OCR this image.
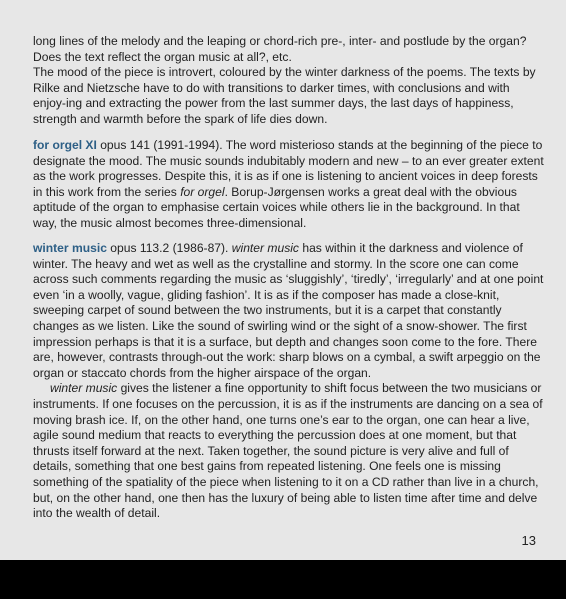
long lines of the melody and the leaping or chord-rich pre-, inter- and postlude by the organ? Does the text reflect the organ music at all?, etc.

The mood of the piece is introvert, coloured by the winter darkness of the poems. The texts by Rilke and Nietzsche have to do with transitions to darker times, with conclusions and with enjoy-ing and extracting the power from the last summer days, the last days of happiness, strength and warmth before the spark of life dies down.

for orgel XI opus 141 (1991-1994). The word misterioso stands at the beginning of the piece to designate the mood. The music sounds indubitably modern and new – to an ever greater extent as the work progresses. Despite this, it is as if one is listening to ancient voices in deep forests in this work from the series for orgel. Borup-Jørgensen works a great deal with the obvious aptitude of the organ to emphasise certain voices while others lie in the background. In that way, the music almost becomes three-dimensional.

winter music opus 113.2 (1986-87). winter music has within it the darkness and violence of winter. The heavy and wet as well as the crystalline and stormy. In the score one can come across such comments regarding the music as ‘sluggishly’, ‘tiredly’, ‘irregularly’ and at one point even ‘in a woolly, vague, gliding fashion’. It is as if the composer has made a close-knit, sweeping carpet of sound between the two instruments, but it is a carpet that constantly changes as we listen. Like the sound of swirling wind or the sight of a snow-shower. The first impression perhaps is that it is a surface, but depth and changes soon come to the fore. There are, however, contrasts through-out the work: sharp blows on a cymbal, a swift arpeggio on the organ or staccato chords from the higher airspace of the organ.

winter music gives the listener a fine opportunity to shift focus between the two musicians or instruments. If one focuses on the percussion, it is as if the instruments are dancing on a sea of moving brash ice. If, on the other hand, one turns one’s ear to the organ, one can hear a live, agile sound medium that reacts to everything the percussion does at one moment, but that thrusts itself forward at the next. Taken together, the sound picture is very alive and full of details, something that one best gains from repeated listening. One feels one is missing something of the spatiality of the piece when listening to it on a CD rather than live in a church, but, on the other hand, one then has the luxury of being able to listen time after time and delve into the wealth of detail.

13
